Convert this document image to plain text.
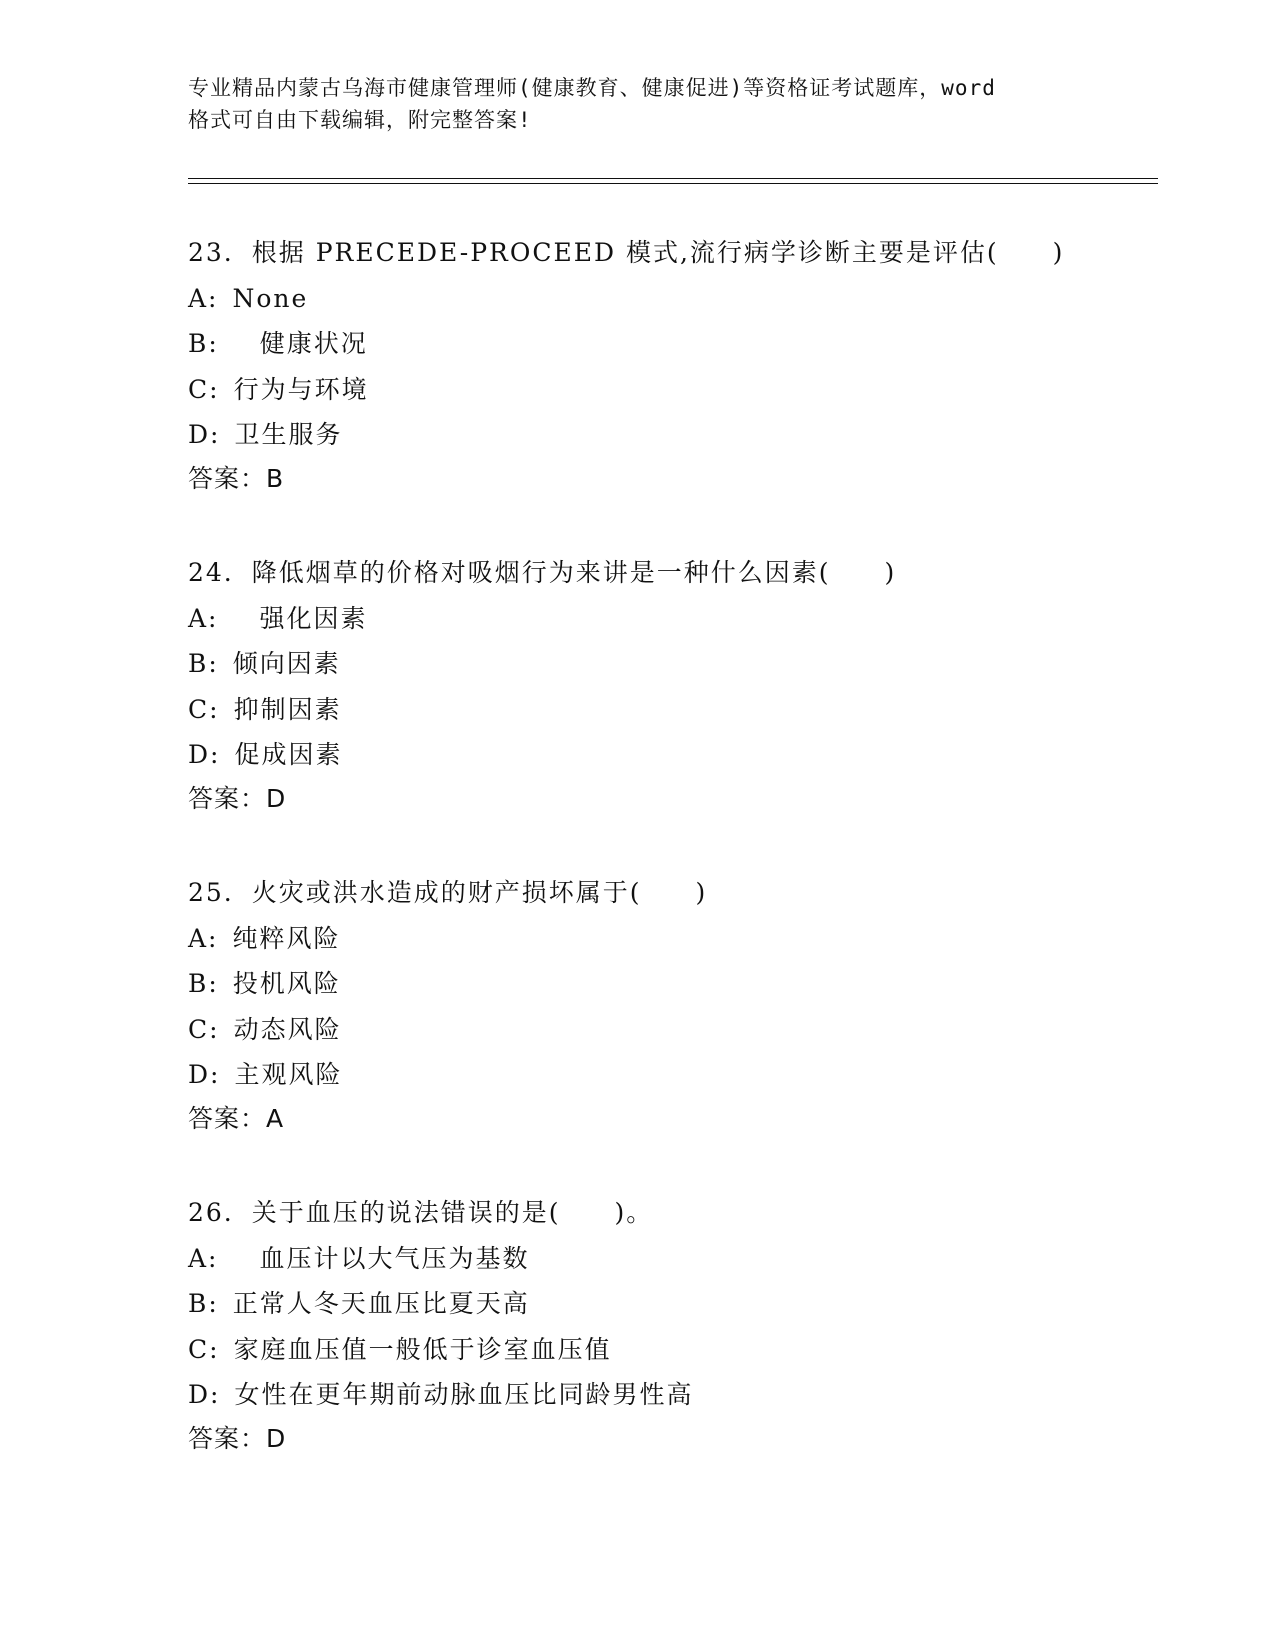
专业精品内蒙古乌海市健康管理师(健康教育、健康促进)等资格证考试题库，word
格式可自由下载编辑，附完整答案!
23. 根据 PRECEDE-PROCEED 模式,流行病学诊断主要是评估(　　)
A: None
B:　健康状况
C: 行为与环境
D: 卫生服务
答案：B
24. 降低烟草的价格对吸烟行为来讲是一种什么因素(　　)
A:　强化因素
B: 倾向因素
C: 抑制因素
D: 促成因素
答案：D
25. 火灾或洪水造成的财产损坏属于(　　)
A: 纯粹风险
B: 投机风险
C: 动态风险
D: 主观风险
答案：A
26. 关于血压的说法错误的是(　　)。
A:　血压计以大气压为基数
B: 正常人冬天血压比夏天高
C: 家庭血压值一般低于诊室血压值
D: 女性在更年期前动脉血压比同龄男性高
答案：D
